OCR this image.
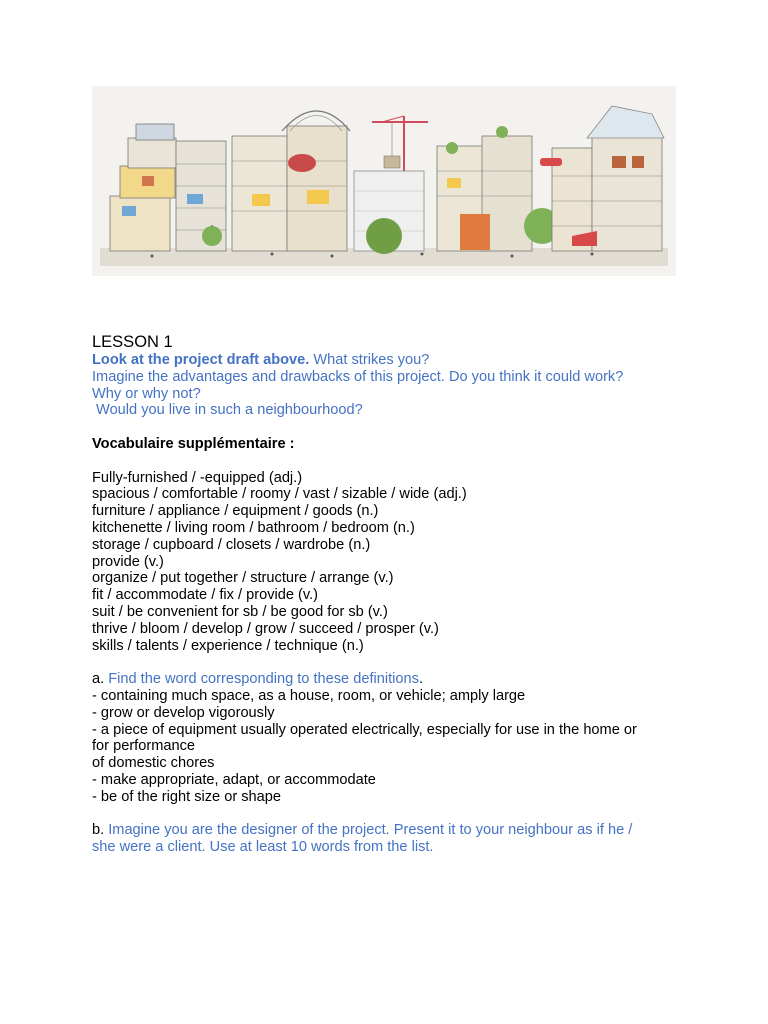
LESSON 1

Look at the project draft above. What strikes you?

Imagine the advantages and drawbacks of this project. Do you think it could work?

Why or why not?

Would you live in such a neighbourhood?

Vocabulaire supplémentaire :

Fully-furnished / -equipped (adj.)

spacious / comfortable / roomy / vast / sizable / wide (adj.)

furniture / appliance / equipment / goods (n.)

kitchenette / living room / bathroom / bedroom (n.)

storage / cupboard / closets / wardrobe (n.)

provide (v.)

organize / put together / structure / arrange (v.)

fit / accommodate / fix / provide (v.)

suit / be convenient for sb / be good for sb (v.)

thrive / bloom / develop / grow / succeed / prosper (v.)

skills / talents / experience / technique (n.)

a. Find the word corresponding to these definitions.

- containing much space, as a house, room, or vehicle; amply large

- grow or develop vigorously

- a piece of equipment usually operated electrically, especially for use in the home or

for performance

of domestic chores

- make appropriate, adapt, or accommodate

- be of the right size or shape

b. Imagine you are the designer of the project. Present it to your neighbour as if he /

she were a client. Use at least 10 words from the list.
